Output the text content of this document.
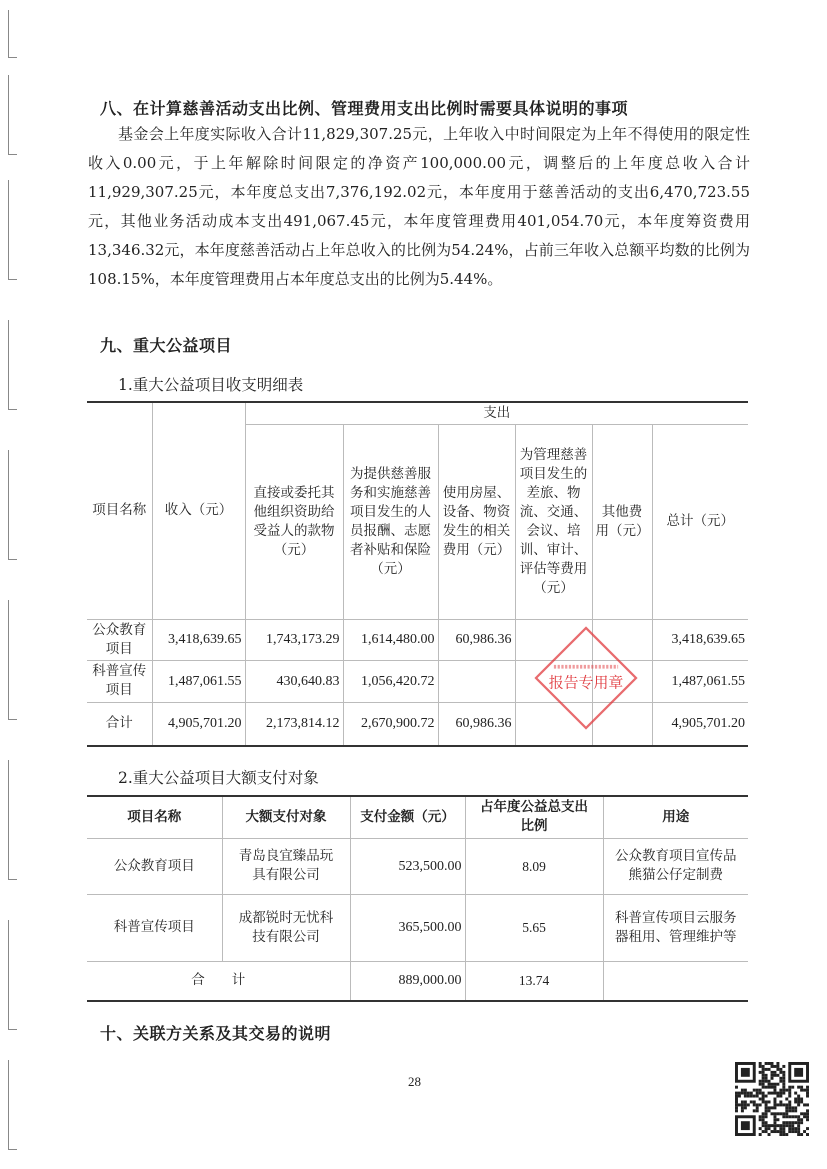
八、在计算慈善活动支出比例、管理费用支出比例时需要具体说明的事项
基金会上年度实际收入合计11,829,307.25元，上年收入中时间限定为上年不得使用的限定性收入0.00元，于上年解除时间限定的净资产100,000.00元，调整后的上年度总收入合计11,929,307.25元，本年度总支出7,376,192.02元，本年度用于慈善活动的支出6,470,723.55元，其他业务活动成本支出491,067.45元，本年度管理费用401,054.70元，本年度筹资费用13,346.32元，本年度慈善活动占上年总收入的比例为54.24%，占前三年收入总额平均数的比例为108.15%，本年度管理费用占本年度总支出的比例为5.44%。
九、重大公益项目
1.重大公益项目收支明细表
项目名称	收入（元）	支出					
		直接或委托其他组织资助给受益人的款物（元）	为提供慈善服务和实施慈善项目发生的人员报酬、志愿者补贴和保险（元）	使用房屋、设备、物资发生的相关费用（元）	为管理慈善项目发生的差旅、物流、交通、会议、培训、审计、评估等费用（元）	其他费用（元）	总计（元）
公众教育项目	3,418,639.65	1,743,173.29	1,614,480.00	60,986.36			3,418,639.65
科普宣传项目	1,487,061.55	430,640.83	1,056,420.72				1,487,061.55
合计	4,905,701.20	2,173,814.12	2,670,900.72	60,986.36			4,905,701.20
报告专用章
2.重大公益项目大额支付对象
项目名称	大额支付对象	支付金额（元）	占年度公益总支出比例	用途
公众教育项目	青岛良宜臻品玩具有限公司	523,500.00	8.09	公众教育项目宣传品熊猫公仔定制费
科普宣传项目	成都锐时无忧科技有限公司	365,500.00	5.65	科普宣传项目云服务器租用、管理维护等
合　　计		889,000.00	13.74	
十、关联方关系及其交易的说明
28
